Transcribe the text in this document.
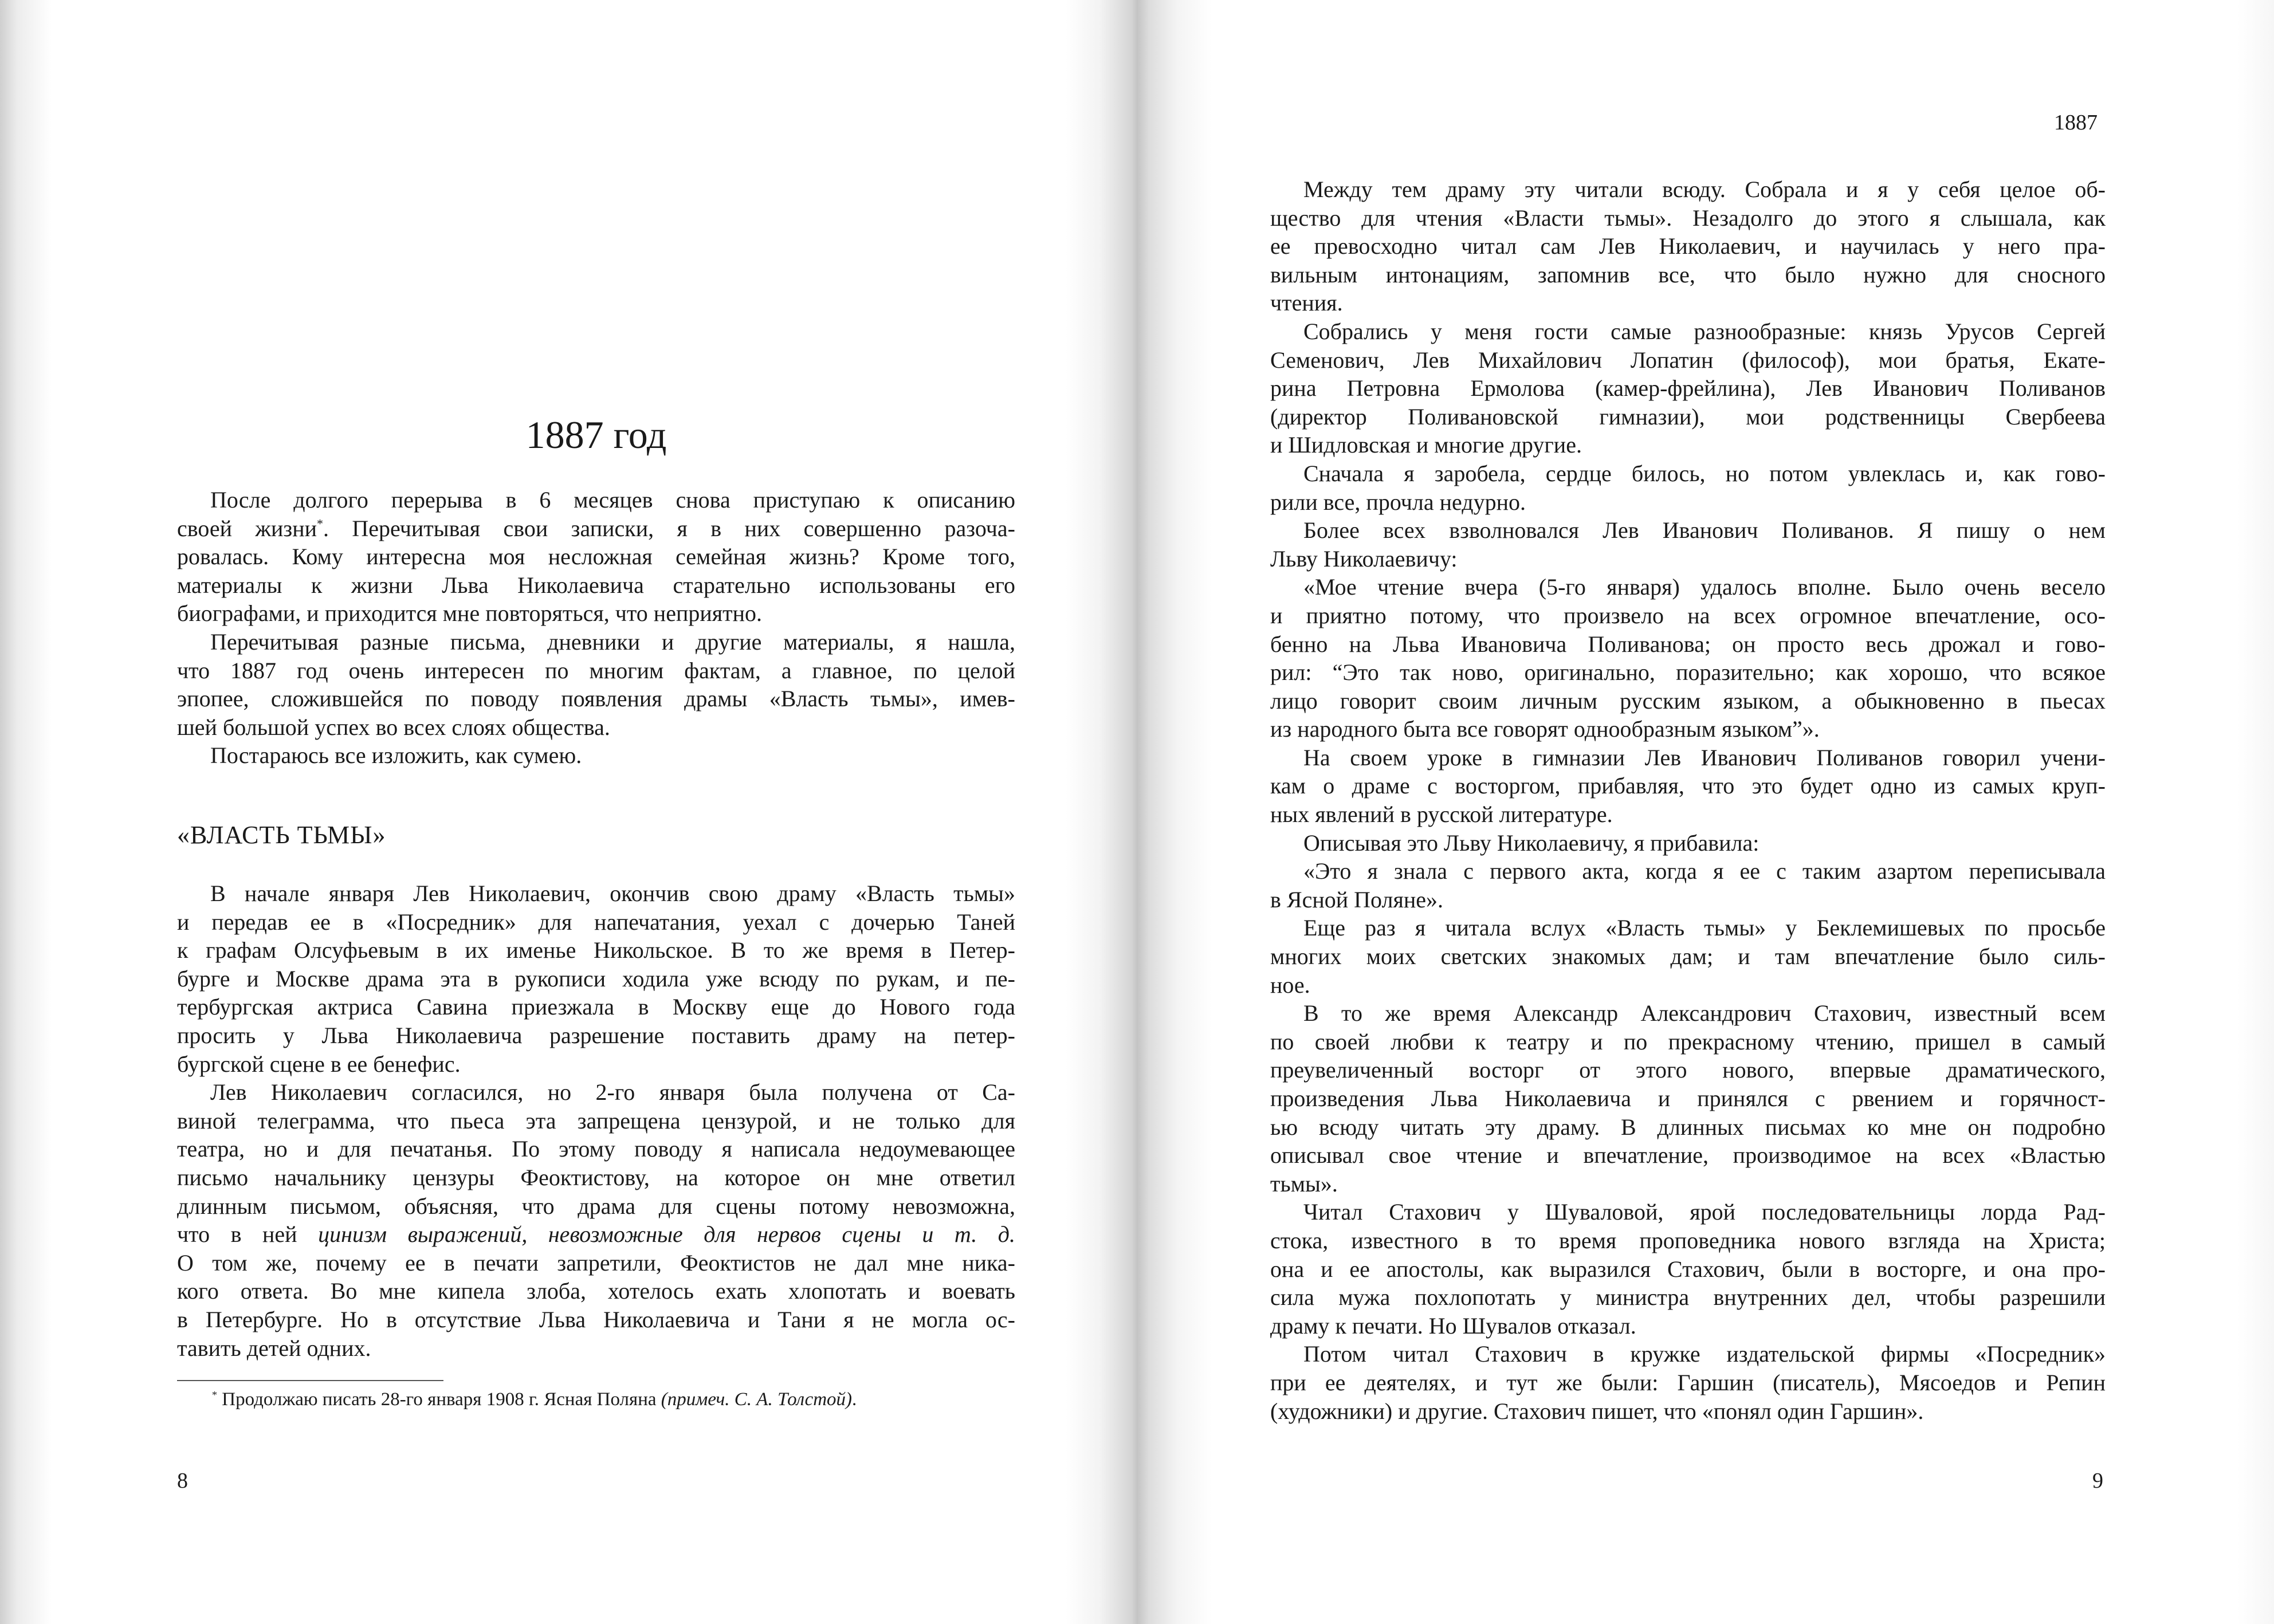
1887 год
После долгого перерыва в 6 месяцев снова приступаю к описанию
своей жизни*. Перечитывая свои записки, я в них совершенно разоча-
ровалась. Кому интересна моя несложная семейная жизнь? Кроме того,
материалы к жизни Льва Николаевича старательно использованы его
биографами, и приходится мне повторяться, что неприятно.
Перечитывая разные письма, дневники и другие материалы, я нашла,
что 1887 год очень интересен по многим фактам, а главное, по целой
эпопее, сложившейся по поводу появления драмы «Власть тьмы», имев-
шей большой успех во всех слоях общества.
Постараюсь все изложить, как сумею.
«ВЛАСТЬ ТЬМЫ»
В начале января Лев Николаевич, окончив свою драму «Власть тьмы»
и передав ее в «Посредник» для напечатания, уехал с дочерью Таней
к графам Олсуфьевым в их именье Никольское. В то же время в Петер-
бурге и Москве драма эта в рукописи ходила уже всюду по рукам, и пе-
тербургская актриса Савина приезжала в Москву еще до Нового года
просить у Льва Николаевича разрешение поставить драму на петер-
бургской сцене в ее бенефис.
Лев Николаевич согласился, но 2-го января была получена от Са-
виной телеграмма, что пьеса эта запрещена цензурой, и не только для
театра, но и для печатанья. По этому поводу я написала недоумевающее
письмо начальнику цензуры Феоктистову, на которое он мне ответил
длинным письмом, объясняя, что драма для сцены потому невозможна,
что в ней цинизм выражений, невозможные для нервов сцены и т. д.
О том же, почему ее в печати запретили, Феоктистов не дал мне ника-
кого ответа. Во мне кипела злоба, хотелось ехать хлопотать и воевать
в Петербурге. Но в отсутствие Льва Николаевича и Тани я не могла ос-
тавить детей одних.
* Продолжаю писать 28-го января 1908 г. Ясная Поляна (примеч. С. А. Толстой).
8
1887
Между тем драму эту читали всюду. Собрала и я у себя целое об-
щество для чтения «Власти тьмы». Незадолго до этого я слышала, как
ее превосходно читал сам Лев Николаевич, и научилась у него пра-
вильным интонациям, запомнив все, что было нужно для сносного
чтения.
Собрались у меня гости самые разнообразные: князь Урусов Сергей
Семенович, Лев Михайлович Лопатин (философ), мои братья, Екате-
рина Петровна Ермолова (камер-фрейлина), Лев Иванович Поливанов
(директор Поливановской гимназии), мои родственницы Свербеева
и Шидловская и многие другие.
Сначала я заробела, сердце билось, но потом увлеклась и, как гово-
рили все, прочла недурно.
Более всех взволновался Лев Иванович Поливанов. Я пишу о нем
Льву Николаевичу:
«Мое чтение вчера (5-го января) удалось вполне. Было очень весело
и приятно потому, что произвело на всех огромное впечатление, осо-
бенно на Льва Ивановича Поливанова; он просто весь дрожал и гово-
рил: “Это так ново, оригинально, поразительно; как хорошо, что всякое
лицо говорит своим личным русским языком, а обыкновенно в пьесах
из народного быта все говорят однообразным языком”».
На своем уроке в гимназии Лев Иванович Поливанов говорил учени-
кам о драме с восторгом, прибавляя, что это будет одно из самых круп-
ных явлений в русской литературе.
Описывая это Льву Николаевичу, я прибавила:
«Это я знала с первого акта, когда я ее с таким азартом переписывала
в Ясной Поляне».
Еще раз я читала вслух «Власть тьмы» у Беклемишевых по просьбе
многих моих светских знакомых дам; и там впечатление было силь-
ное.
В то же время Александр Александрович Стахович, известный всем
по своей любви к театру и по прекрасному чтению, пришел в самый
преувеличенный восторг от этого нового, впервые драматического,
произведения Льва Николаевича и принялся с рвением и горячност-
ью всюду читать эту драму. В длинных письмах ко мне он подробно
описывал свое чтение и впечатление, производимое на всех «Властью
тьмы».
Читал Стахович у Шуваловой, ярой последовательницы лорда Рад-
стока, известного в то время проповедника нового взгляда на Христа;
она и ее апостолы, как выразился Стахович, были в восторге, и она про-
сила мужа похлопотать у министра внутренних дел, чтобы разрешили
драму к печати. Но Шувалов отказал.
Потом читал Стахович в кружке издательской фирмы «Посредник»
при ее деятелях, и тут же были: Гаршин (писатель), Мясоедов и Репин
(художники) и другие. Стахович пишет, что «понял один Гаршин».
9
